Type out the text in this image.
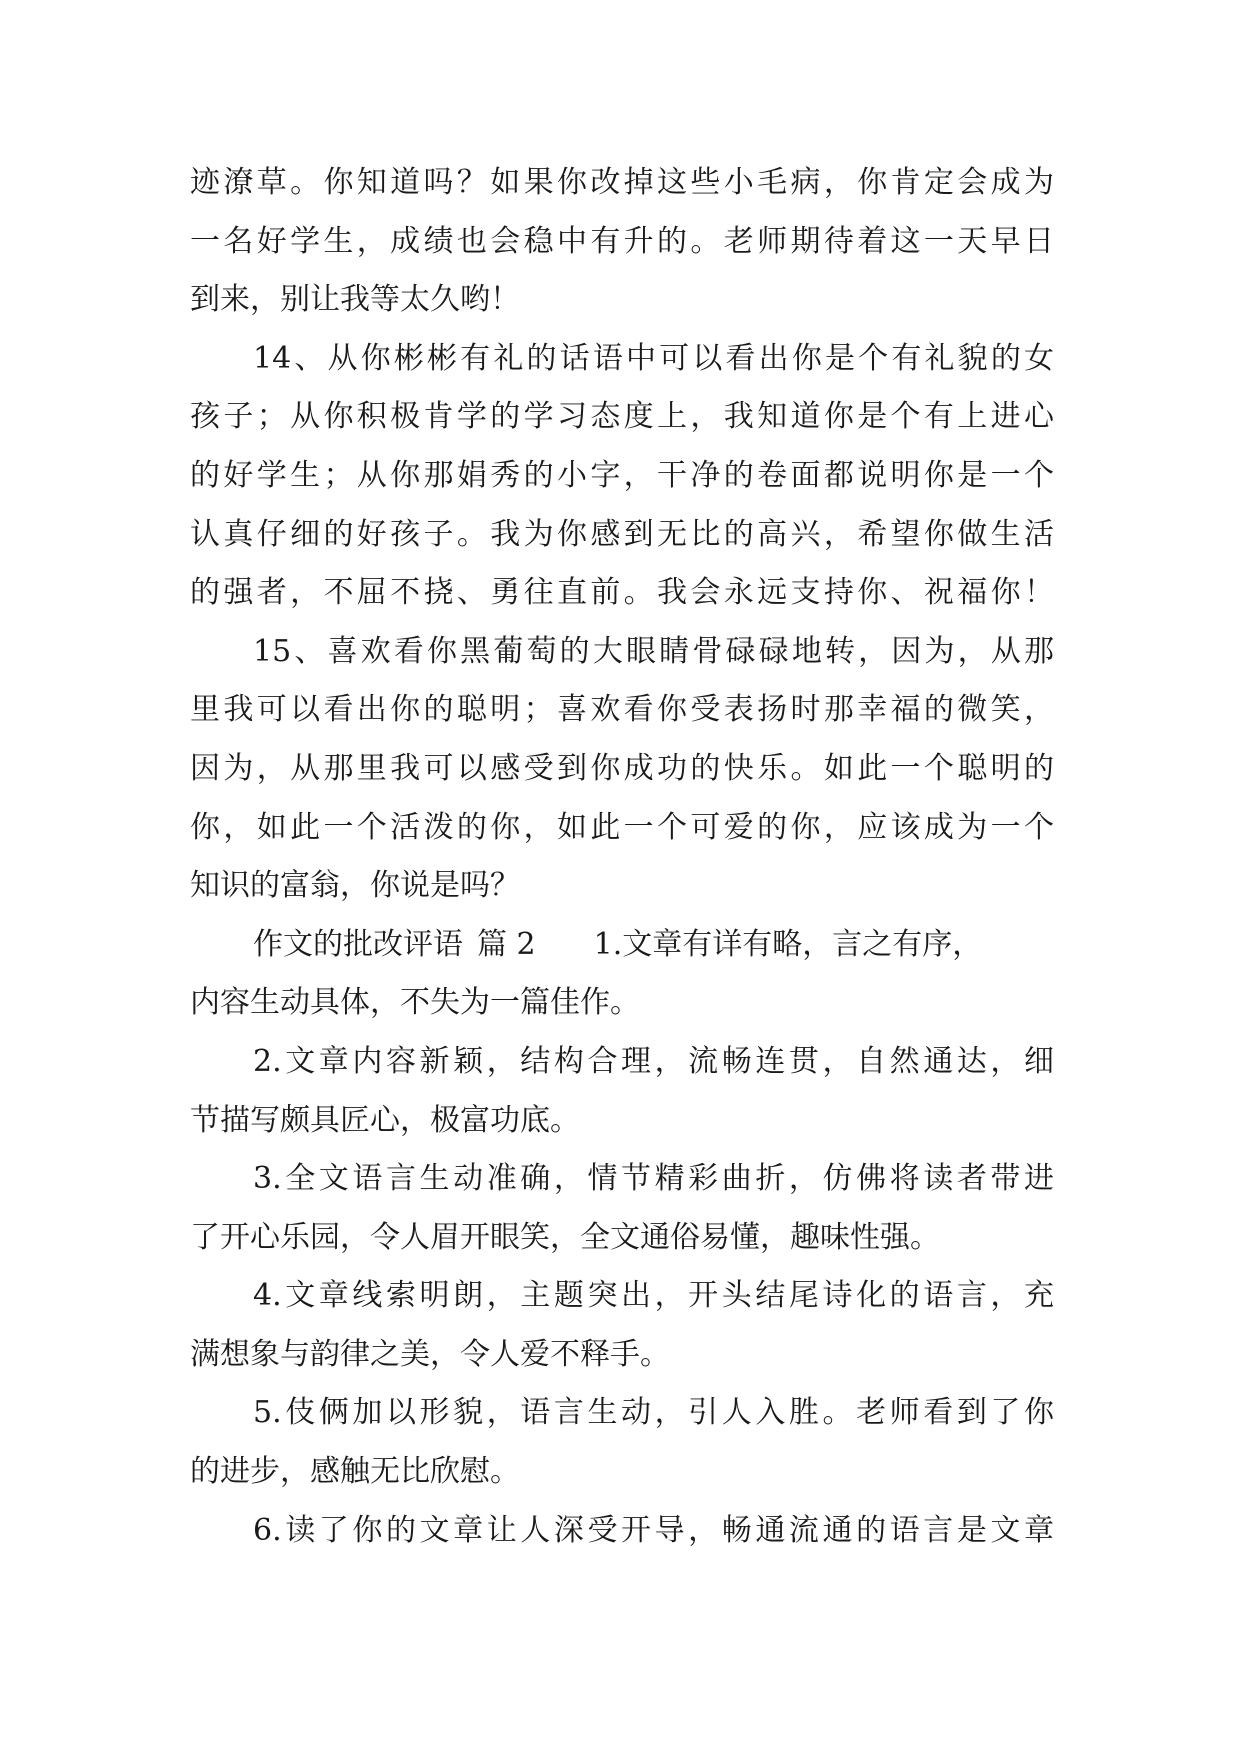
迹潦草。你知道吗？如果你改掉这些小毛病，你肯定会成为
一名好学生，成绩也会稳中有升的。老师期待着这一天早日
到来，别让我等太久哟！
14、从你彬彬有礼的话语中可以看出你是个有礼貌的女
孩子；从你积极肯学的学习态度上，我知道你是个有上进心
的好学生；从你那娟秀的小字，干净的卷面都说明你是一个
认真仔细的好孩子。我为你感到无比的高兴，希望你做生活
的强者，不屈不挠、勇往直前。我会永远支持你、祝福你！
15、喜欢看你黑葡萄的大眼睛骨碌碌地转，因为，从那
里我可以看出你的聪明；喜欢看你受表扬时那幸福的微笑，
因为，从那里我可以感受到你成功的快乐。如此一个聪明的
你，如此一个活泼的你，如此一个可爱的你，应该成为一个
知识的富翁，你说是吗？
作文的批改评语 篇 2 1.文章有详有略，言之有序，
内容生动具体，不失为一篇佳作。
2.文章内容新颖，结构合理，流畅连贯，自然通达，细
节描写颇具匠心，极富功底。
3.全文语言生动准确，情节精彩曲折，仿佛将读者带进
了开心乐园，令人眉开眼笑，全文通俗易懂，趣味性强。
4.文章线索明朗，主题突出，开头结尾诗化的语言，充
满想象与韵律之美，令人爱不释手。
5.伎俩加以形貌，语言生动，引人入胜。老师看到了你
的进步，感触无比欣慰。
6.读了你的文章让人深受开导，畅通流通的语言是文章
